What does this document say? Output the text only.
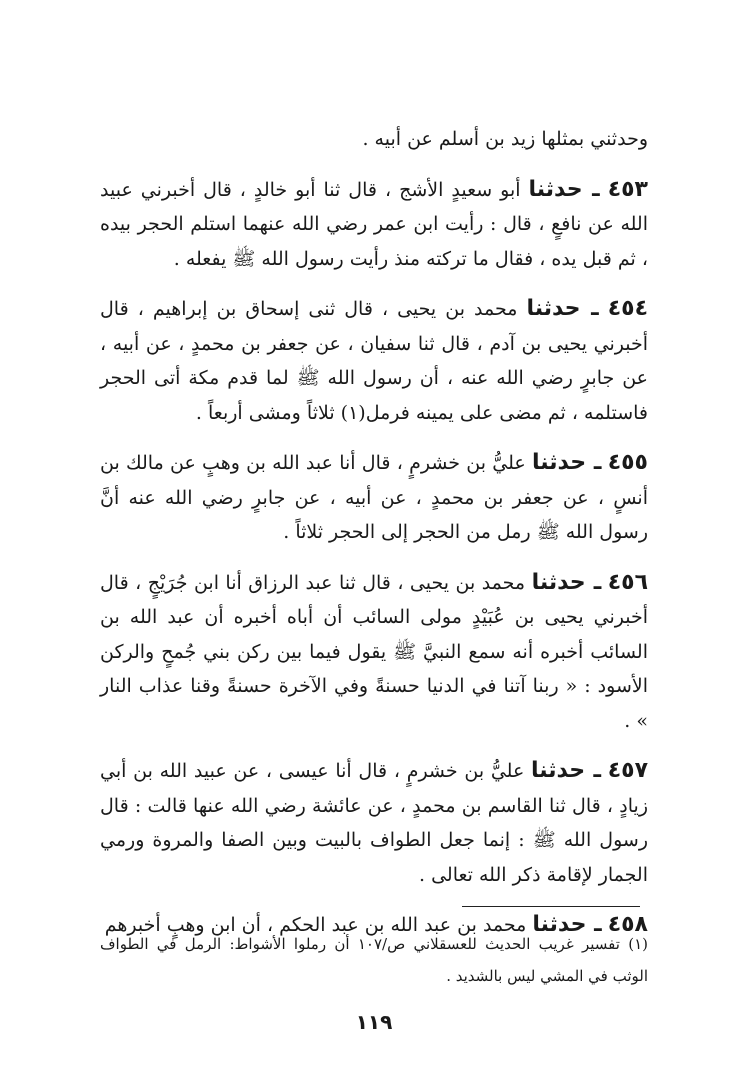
وحدثني بمثلها زيد بن أسلم عن أبيه .

٤٥٣ ـ حدثنا أبو سعيدٍ الأشج ، قال ثنا أبو خالدٍ ، قال أخبرني عبيد الله عن نافعٍ ، قال : رأيت ابن عمر رضي الله عنهما استلم الحجر بيده ، ثم قبل يده ، فقال ما تركته منذ رأيت رسول الله ﷺ يفعله .

٤٥٤ ـ حدثنا محمد بن يحيى ، قال ثنى إسحاق بن إبراهيم ، قال أخبرني يحيى بن آدم ، قال ثنا سفيان ، عن جعفر بن محمدٍ ، عن أبيه ، عن جابرٍ رضي الله عنه ، أن رسول الله ﷺ لما قدم مكة أتى الحجر فاستلمه ، ثم مضى على يمينه فرمل(١) ثلاثاً ومشى أربعاً .

٤٥٥ ـ حدثنا عليُّ بن خشرمٍ ، قال أنا عبد الله بن وهبٍ عن مالك بن أنسٍ ، عن جعفر بن محمدٍ ، عن أبيه ، عن جابرٍ رضي الله عنه أنَّ رسول الله ﷺ رمل من الحجر إلى الحجر ثلاثاً .

٤٥٦ ـ حدثنا محمد بن يحيى ، قال ثنا عبد الرزاق أنا ابن جُرَيْجٍ ، قال أخبرني يحيى بن عُبَيْدٍ مولى السائب أن أباه أخبره أن عبد الله بن السائب أخبره أنه سمع النبيَّ ﷺ يقول فيما بين ركن بني جُمحٍ والركن الأسود : « ربنا آتنا في الدنيا حسنةً وفي الآخرة حسنةً وقنا عذاب النار » .

٤٥٧ ـ حدثنا عليُّ بن خشرمٍ ، قال أنا عيسى ، عن عبيد الله بن أبي زيادٍ ، قال ثنا القاسم بن محمدٍ ، عن عائشة رضي الله عنها قالت : قال رسول الله ﷺ : إنما جعل الطواف بالبيت وبين الصفا والمروة ورمي الجمار لإقامة ذكر الله تعالى .

٤٥٨ ـ حدثنا محمد بن عبد الله بن عبد الحكم ، أن ابن وهبٍ أخبرهم

(١) تفسير غريب الحديث للعسقلاني ص/١٠٧ أن رملوا الأشواط: الرمل في الطواف الوثب في المشي ليس بالشديد .
١١٩
